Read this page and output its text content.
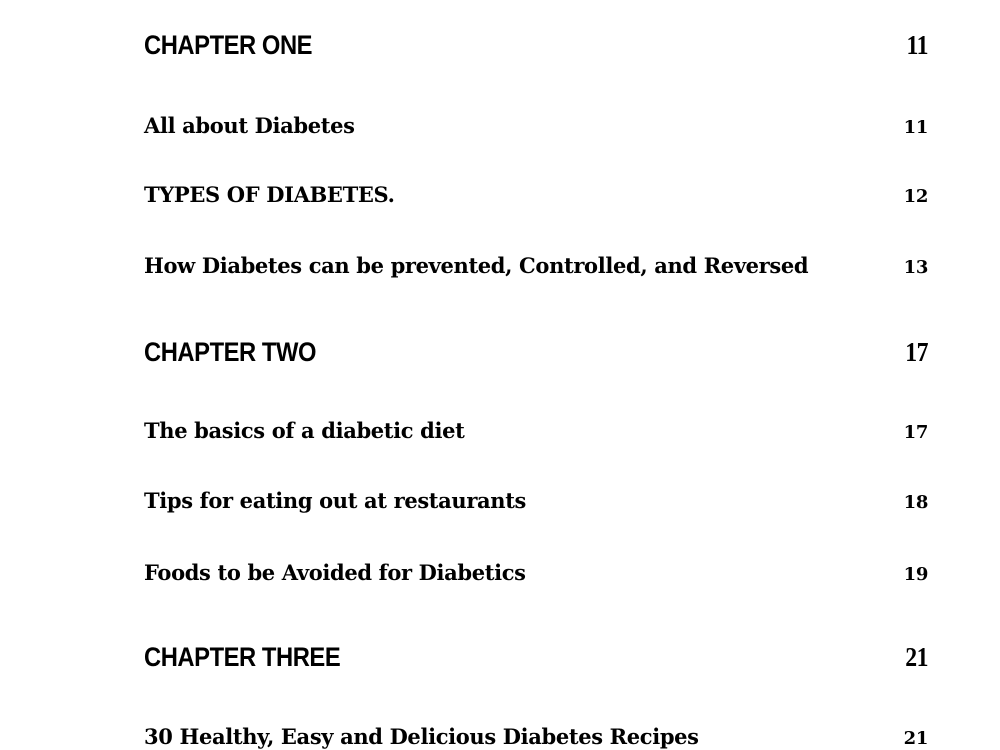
CHAPTER ONE	11
All about Diabetes	11
TYPES OF DIABETES.	12
How Diabetes can be prevented, Controlled, and Reversed	13
CHAPTER TWO	17
The basics of a diabetic diet	17
Tips for eating out at restaurants	18
Foods to be Avoided for Diabetics	19
CHAPTER THREE	21
30 Healthy, Easy and Delicious Diabetes Recipes	21
